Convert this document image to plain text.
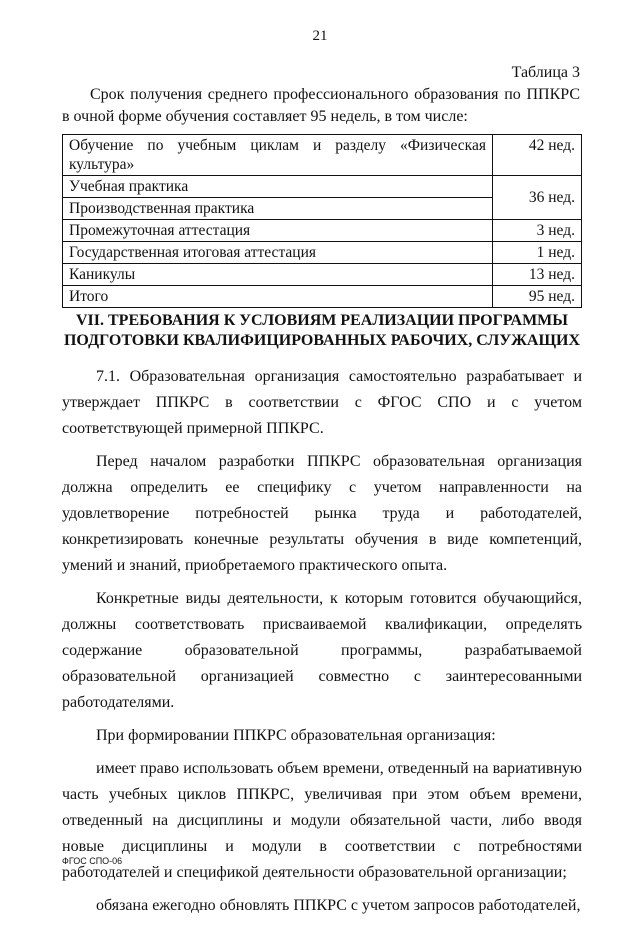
21
Таблица 3
Срок получения среднего профессионального образования по ППКРС в очной форме обучения составляет 95 недель, в том числе:
Обучение по учебным циклам и разделу «Физическая культура»	42 нед.
Учебная практика	36 нед.
Производственная практика	
Промежуточная аттестация	3 нед.
Государственная итоговая аттестация	1 нед.
Каникулы	13 нед.
Итого	95 нед.
VII. ТРЕБОВАНИЯ К УСЛОВИЯМ РЕАЛИЗАЦИИ ПРОГРАММЫ
ПОДГОТОВКИ КВАЛИФИЦИРОВАННЫХ РАБОЧИХ, СЛУЖАЩИХ

7.1. Образовательная организация самостоятельно разрабатывает и утверждает ППКРС в соответствии с ФГОС СПО и с учетом соответствующей примерной ППКРС.

Перед началом разработки ППКРС образовательная организация должна определить ее специфику с учетом направленности на удовлетворение потребностей рынка труда и работодателей, конкретизировать конечные результаты обучения в виде компетенций, умений и знаний, приобретаемого практического опыта.

Конкретные виды деятельности, к которым готовится обучающийся, должны соответствовать присваиваемой квалификации, определять содержание образовательной программы, разрабатываемой образовательной организацией совместно с заинтересованными работодателями.

При формировании ППКРС образовательная организация:

имеет право использовать объем времени, отведенный на вариативную часть учебных циклов ППКРС, увеличивая при этом объем времени, отведенный на дисциплины и модули обязательной части, либо вводя новые дисциплины и модули в соответствии с потребностями работодателей и спецификой деятельности образовательной организации;

обязана ежегодно обновлять ППКРС с учетом запросов работодателей,

ФГОС СПО-06
